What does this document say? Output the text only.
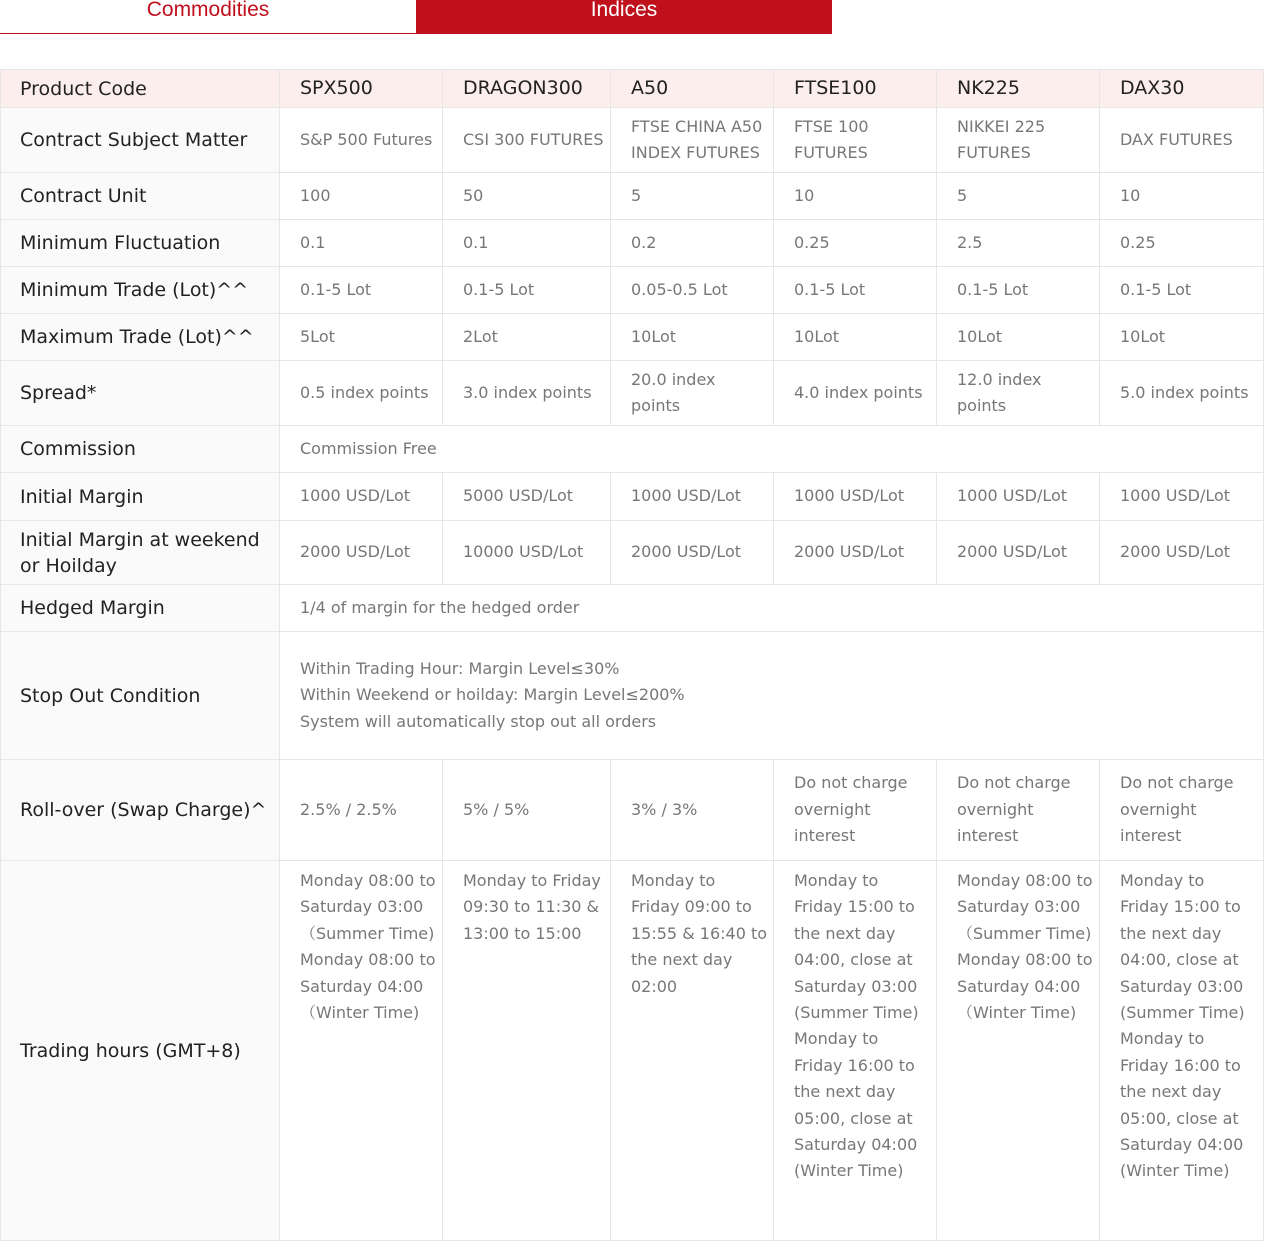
Commodities	Indices
Product Code	SPX500	DRAGON300	A50	FTSE100	NK225	DAX30
Contract Subject Matter	S&P 500 Futures	CSI 300 FUTURES	FTSE CHINA A50 INDEX FUTURES	FTSE 100 FUTURES	NIKKEI 225 FUTURES	DAX FUTURES
Contract Unit	100	50	5	10	5	10
Minimum Fluctuation	0.1	0.1	0.2	0.25	2.5	0.25
Minimum Trade (Lot)^^	0.1-5 Lot	0.1-5 Lot	0.05-0.5 Lot	0.1-5 Lot	0.1-5 Lot	0.1-5 Lot
Maximum Trade (Lot)^^	5Lot	2Lot	10Lot	10Lot	10Lot	10Lot
Spread*	0.5 index points	3.0 index points	20.0 index points	4.0 index points	12.0 index points	5.0 index points
Commission	Commission Free					
Initial Margin	1000 USD/Lot	5000 USD/Lot	1000 USD/Lot	1000 USD/Lot	1000 USD/Lot	1000 USD/Lot
Initial Margin at weekend or Hoilday	2000 USD/Lot	10000 USD/Lot	2000 USD/Lot	2000 USD/Lot	2000 USD/Lot	2000 USD/Lot
Hedged Margin	1/4 of margin for the hedged order					
Stop Out Condition	Within Trading Hour: Margin Level≤30%
Within Weekend or hoilday: Margin Level≤200%
System will automatically stop out all orders					

Roll-over (Swap Charge)^	2.5% / 2.5%	5% / 5%	3% / 3%	Do not charge overnight interest	Do not charge overnight interest	Do not charge overnight interest
Trading hours (GMT+8)	Monday 08:00 to Saturday 03:00 （Summer Time) Monday 08:00 to Saturday 04:00 （Winter Time)	Monday to Friday 09:30 to 11:30 & 13:00 to 15:00	Monday to Friday 09:00 to 15:55 & 16:40 to the next day 02:00	Monday to Friday 15:00 to the next day 04:00, close at Saturday 03:00 (Summer Time) Monday to Friday 16:00 to the next day 05:00, close at Saturday 04:00 (Winter Time)	Monday 08:00 to Saturday 03:00 （Summer Time) Monday 08:00 to Saturday 04:00 （Winter Time)	Monday to Friday 15:00 to the next day 04:00, close at Saturday 03:00 (Summer Time) Monday to Friday 16:00 to the next day 05:00, close at Saturday 04:00 (Winter Time)
